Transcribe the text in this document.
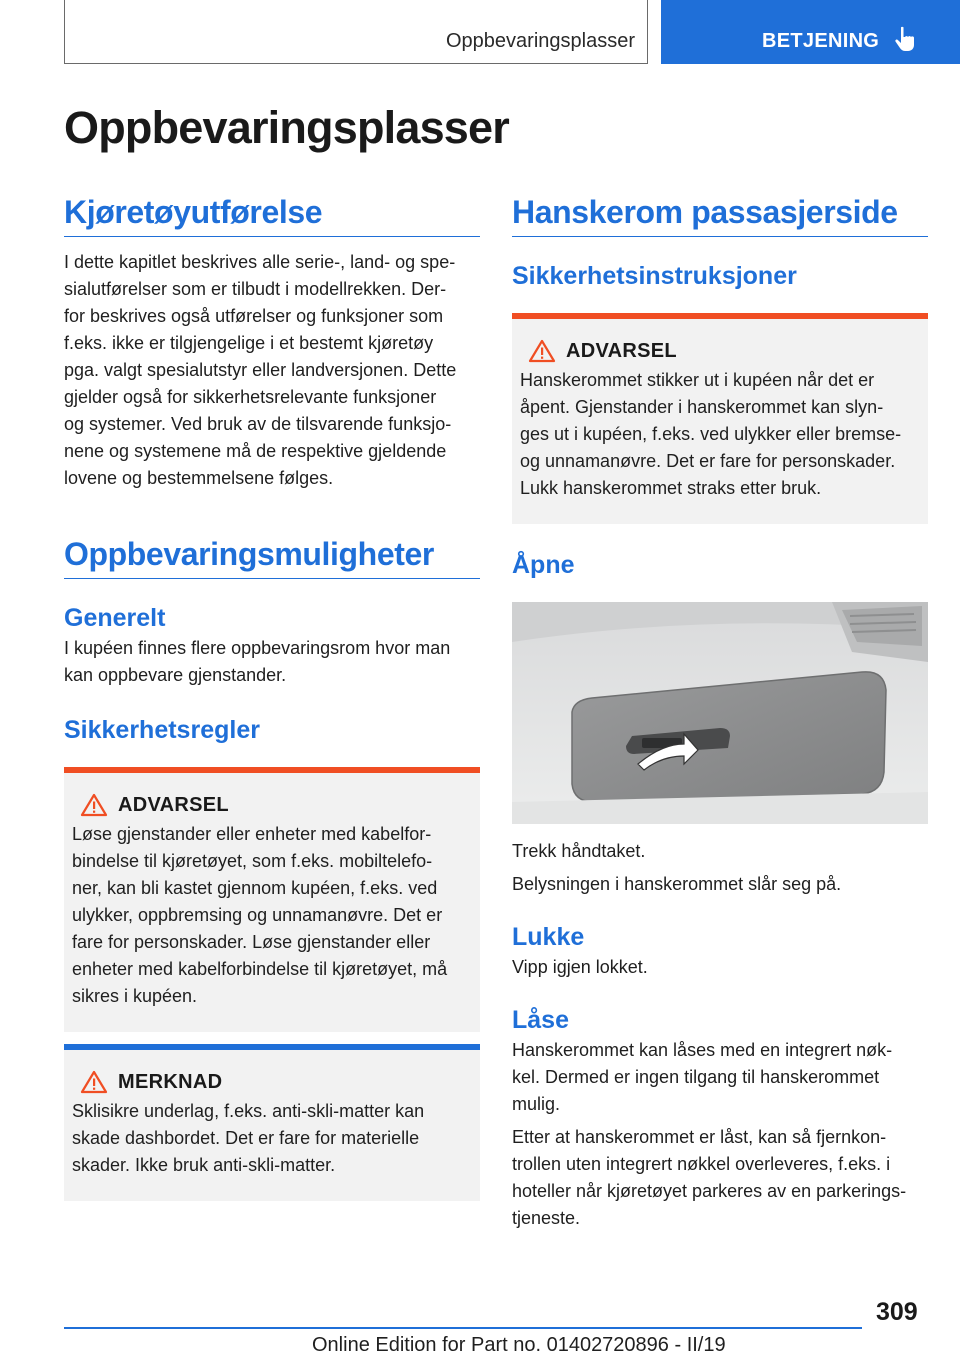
Oppbevaringsplasser	BETJENING
Oppbevaringsplasser
Kjøretøyutførelse
I dette kapitlet beskrives alle serie-, land- og spe-
sialutførelser som er tilbudt i modellrekken. Der-
for beskrives også utførelser og funksjoner som
f.eks. ikke er tilgjengelige i et bestemt kjøretøy
pga. valgt spesialutstyr eller landversjonen. Dette
gjelder også for sikkerhetsrelevante funksjoner
og systemer. Ved bruk av de tilsvarende funksjo-
nene og systemene må de respektive gjeldende
lovene og bestemmelsene følges.
Oppbevaringsmuligheter
Generelt
I kupéen finnes flere oppbevaringsrom hvor man
kan oppbevare gjenstander.
Sikkerhetsregler
ADVARSEL
Løse gjenstander eller enheter med kabelfor-
bindelse til kjøretøyet, som f.eks. mobiltelefo-
ner, kan bli kastet gjennom kupéen, f.eks. ved
ulykker, oppbremsing og unnamanøvre. Det er
fare for personskader. Løse gjenstander eller
enheter med kabelforbindelse til kjøretøyet, må
sikres i kupéen.
MERKNAD
Sklisikre underlag, f.eks. anti-skli-matter kan
skade dashbordet. Det er fare for materielle
skader. Ikke bruk anti-skli-matter.
Hanskerom passasjerside
Sikkerhetsinstruksjoner
ADVARSEL
Hanskerommet stikker ut i kupéen når det er
åpent. Gjenstander i hanskerommet kan slyn-
ges ut i kupéen, f.eks. ved ulykker eller bremse-
og unnamanøvre. Det er fare for personskader.
Lukk hanskerommet straks etter bruk.
Åpne

Trekk håndtaket.

Belysningen i hanskerommet slår seg på.

Lukke

Vipp igjen lokket.

Låse
Hanskerommet kan låses med en integrert nøk-
kel. Dermed er ingen tilgang til hanskerommet
mulig.
Etter at hanskerommet er låst, kan så fjernkon-
trollen uten integrert nøkkel overleveres, f.eks. i
hoteller når kjøretøyet parkeres av en parkerings-
tjeneste.
309
Online Edition for Part no. 01402720896 - II/19
